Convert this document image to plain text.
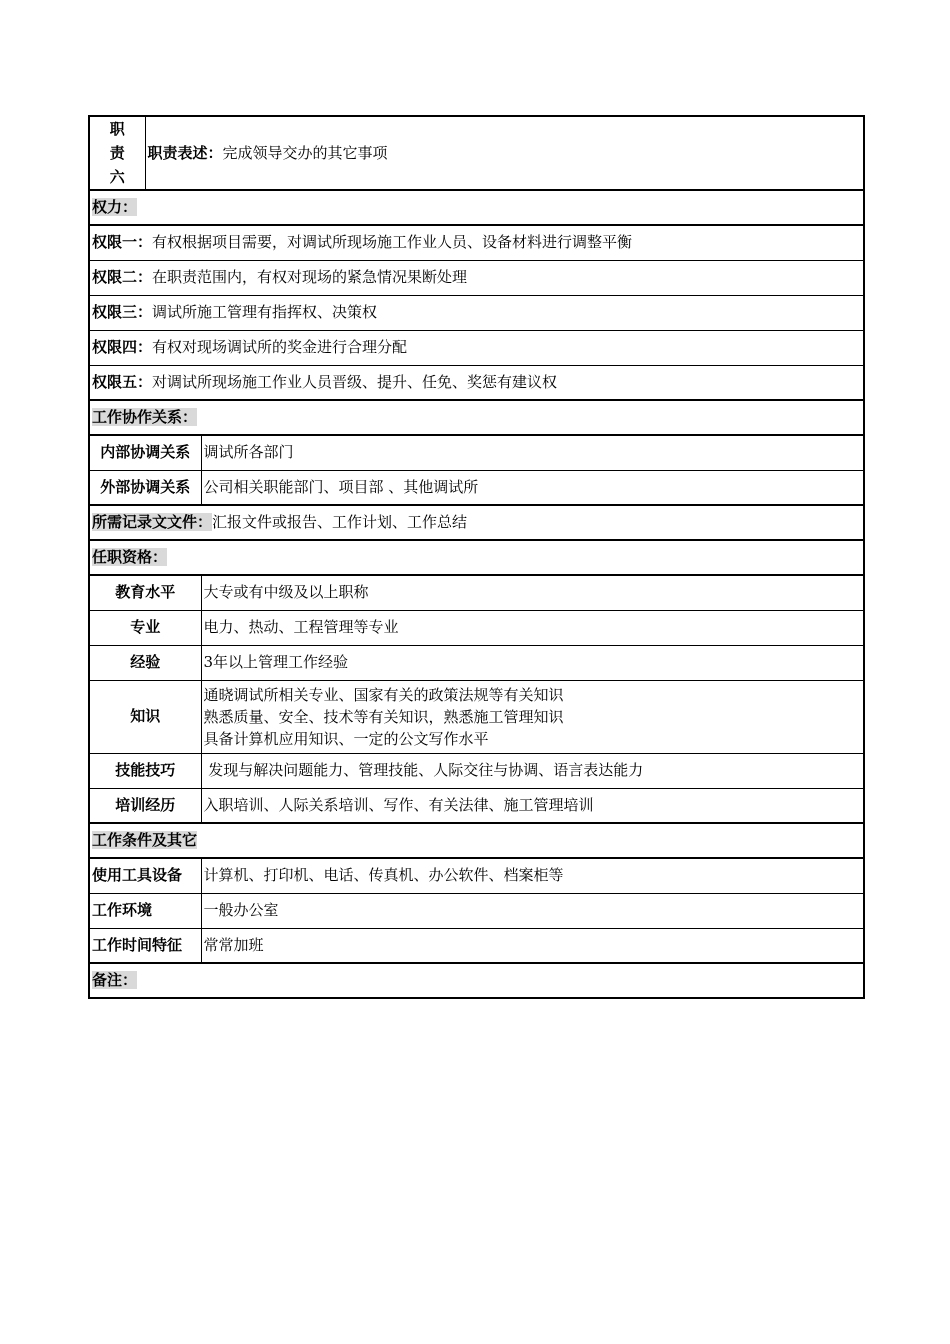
职
责
六	职责表述：完成领导交办的其它事项	
权力：		
权限一：有权根据项目需要，对调试所现场施工作业人员、设备材料进行调整平衡		
权限二：在职责范围内，有权对现场的紧急情况果断处理		
权限三：调试所施工管理有指挥权、决策权		
权限四：有权对现场调试所的奖金进行合理分配		
权限五：对调试所现场施工作业人员晋级、提升、任免、奖惩有建议权		
工作协作关系：		
内部协调关系		调试所各部门
外部协调关系		公司相关职能部门、项目部 、其他调试所
所需记录文文件：汇报文件或报告、工作计划、工作总结		
任职资格：		
教育水平		大专或有中级及以上职称
专业		电力、热动、工程管理等专业
经验		3年以上管理工作经验
知识		通晓调试所相关专业、国家有关的政策法规等有关知识
熟悉质量、安全、技术等有关知识，熟悉施工管理知识
具备计算机应用知识、一定的公文写作水平

技能技巧		发现与解决问题能力、管理技能、人际交往与协调、语言表达能力
培训经历		入职培训、人际关系培训、写作、有关法律、施工管理培训
工作条件及其它		
使用工具设备		计算机、打印机、电话、传真机、办公软件、档案柜等
工作环境		一般办公室
工作时间特征		常常加班
备注：		
